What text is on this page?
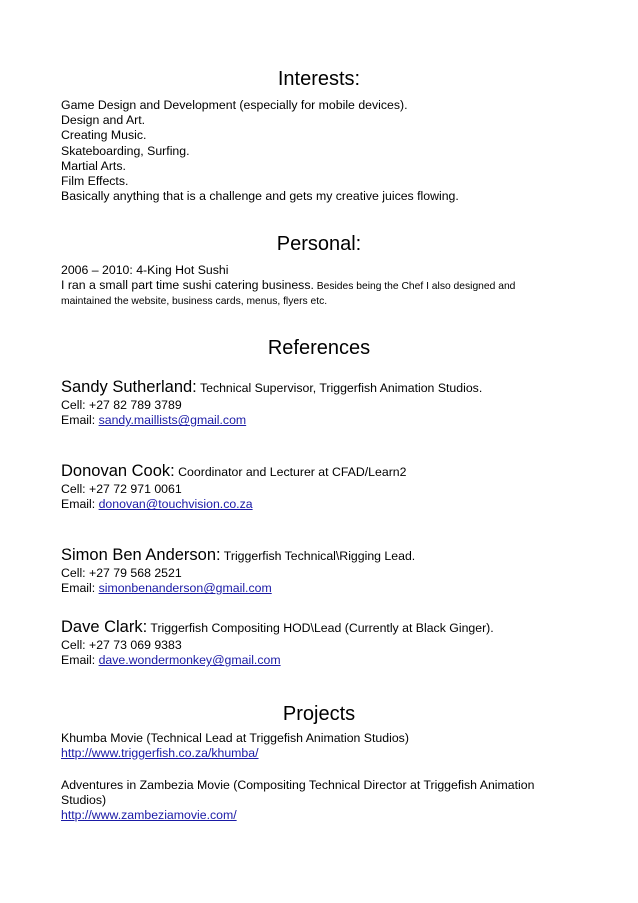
Interests:
Game Design and Development (especially for mobile devices).
Design and Art.
Creating Music.
Skateboarding, Surfing.
Martial Arts.
Film Effects.
Basically anything that is a challenge and gets my creative juices flowing.
Personal:
2006 – 2010: 4-King Hot Sushi
I ran a small part time sushi catering business. Besides being the Chef I also designed and
maintained the website, business cards, menus, flyers etc.
References
Sandy Sutherland: Technical Supervisor, Triggerfish Animation Studios.
Cell: +27 82 789 3789
Email: sandy.maillists@gmail.com
Donovan Cook: Coordinator and Lecturer at CFAD/Learn2
Cell: +27 72 971 0061
Email: donovan@touchvision.co.za
Simon Ben Anderson: Triggerfish Technical\Rigging Lead.
Cell: +27 79 568 2521
Email: simonbenanderson@gmail.com
Dave Clark: Triggerfish Compositing HOD\Lead (Currently at Black Ginger).
Cell: +27 73 069 9383
Email: dave.wondermonkey@gmail.com
Projects
Khumba Movie (Technical Lead at Triggefish Animation Studios)
http://www.triggerfish.co.za/khumba/
Adventures in Zambezia Movie (Compositing Technical Director at Triggefish Animation Studios)
http://www.zambeziamovie.com/
